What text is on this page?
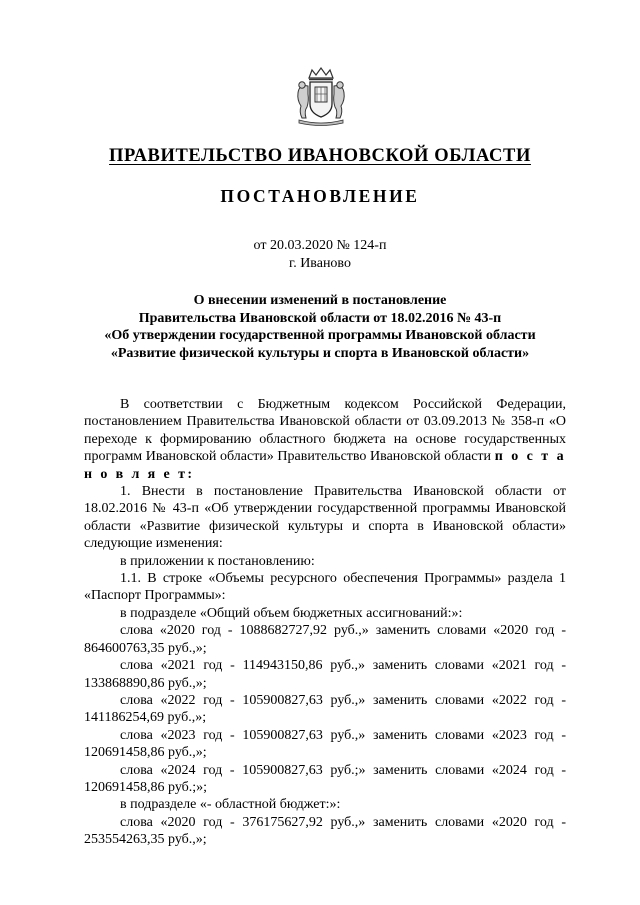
ПРАВИТЕЛЬСТВО ИВАНОВСКОЙ ОБЛАСТИ
ПОСТАНОВЛЕНИЕ
от 20.03.2020 № 124-п
г. Иваново
О внесении изменений в постановление
Правительства Ивановской области от 18.02.2016 № 43-п
«Об утверждении государственной программы Ивановской области
«Развитие физической культуры и спорта в Ивановской области»

В соответствии с Бюджетным кодексом Российской Федерации, постановлением Правительства Ивановской области от 03.09.2013 № 358-п «О переходе к формированию областного бюджета на основе государственных программ Ивановской области» Правительство Ивановской области п о с т а н о в л я е т:

1. Внести в постановление Правительства Ивановской области от 18.02.2016 № 43-п «Об утверждении государственной программы Ивановской области «Развитие физической культуры и спорта в Ивановской области» следующие изменения:

в приложении к постановлению:

1.1. В строке «Объемы ресурсного обеспечения Программы» раздела 1 «Паспорт Программы»:

в подразделе «Общий объем бюджетных ассигнований:»:

слова «2020 год - 1088682727,92 руб.,» заменить словами «2020 год - 864600763,35 руб.,»;

слова «2021 год - 114943150,86 руб.,» заменить словами «2021 год - 133868890,86 руб.,»;

слова «2022 год - 105900827,63 руб.,» заменить словами «2022 год - 141186254,69 руб.,»;

слова «2023 год - 105900827,63 руб.,» заменить словами «2023 год - 120691458,86 руб.,»;

слова «2024 год - 105900827,63 руб.;» заменить словами «2024 год - 120691458,86 руб.;»;

в подразделе «- областной бюджет:»:

слова «2020 год - 376175627,92 руб.,» заменить словами «2020 год - 253554263,35 руб.,»;
